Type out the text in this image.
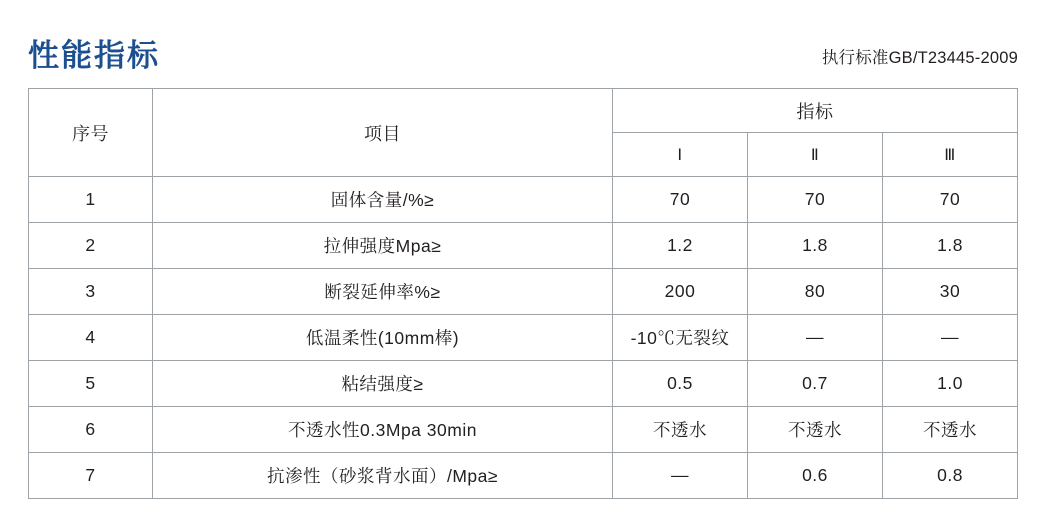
性能指标	执行标准GB/T23445-2009
序号	项目	指标		
		Ⅰ	Ⅱ	Ⅲ
1	固体含量/%≥	70	70	70
2	拉伸强度Mpa≥	1.2	1.8	1.8
3	断裂延伸率%≥	200	80	30
4	低温柔性(10mm棒)	-10℃无裂纹	—	—
5	粘结强度≥	0.5	0.7	1.0
6	不透水性0.3Mpa 30min	不透水	不透水	不透水
7	抗渗性（砂浆背水面）/Mpa≥	—	0.6	0.8
